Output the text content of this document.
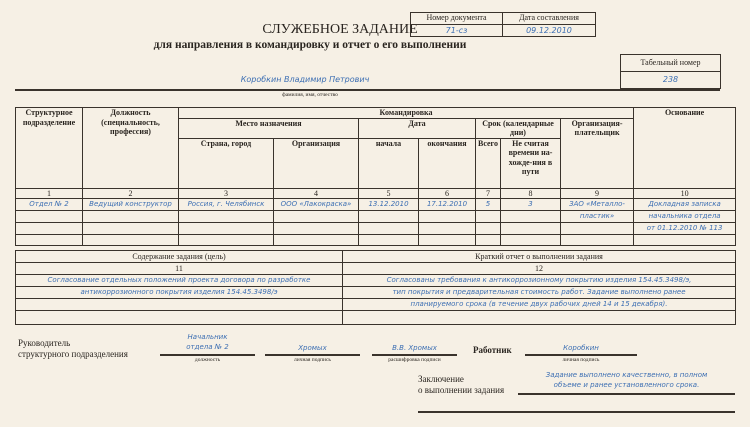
СЛУЖЕБНОЕ ЗАДАНИЕ
для направления в командировку и отчет о его выполнении
Номер документа	Дата составления
71-сз	09.12.2010
Табельный номер
238
Коробкин Владимир Петрович
фамилия, имя, отчество
Структурное подразделение	Должность (специальность, профессия)	Командировка							Основание
		Место назначения		Дата		Срок (календарные дни)		Организация-плательщик	
		Страна, город	Организация	начала	окончания	Всего	Не считая времени на-хожде-ния в пути		
1	2	3	4	5	6	7	8	9	10
Отдел № 2	Ведущий конструктор	Россия, г. Челябинск	ООО «Лакокраска»	13.12.2010	17.12.2010	5	3	ЗАО «Металло-	Докладная записка
								пластик»	начальника отдела
									от 01.12.2010 № 113

Содержание задания (цель)	Краткий отчет о выполнении задания
11	12
Согласование отдельных положений проекта договора по разработке	Согласованы требования к антикоррозионному покрытию изделия 154.45.3498/э,
антикоррозионного покрытия изделия 154.45.3498/э	тип покрытия и предварительная стоимость работ. Задание выполнено ранее
	планируемого срока (в течение двух рабочих дней 14 и 15 декабря).

Руководитель
структурного подразделения
Начальник
отдела № 2
должность
Хромых
личная подпись
В.В. Хромых
расшифровка подписи
Работник	Коробкин
личная подпись
Заключение
о выполнении задания
Задание выполнено качественно, в полном
объеме и ранее установленного срока.
